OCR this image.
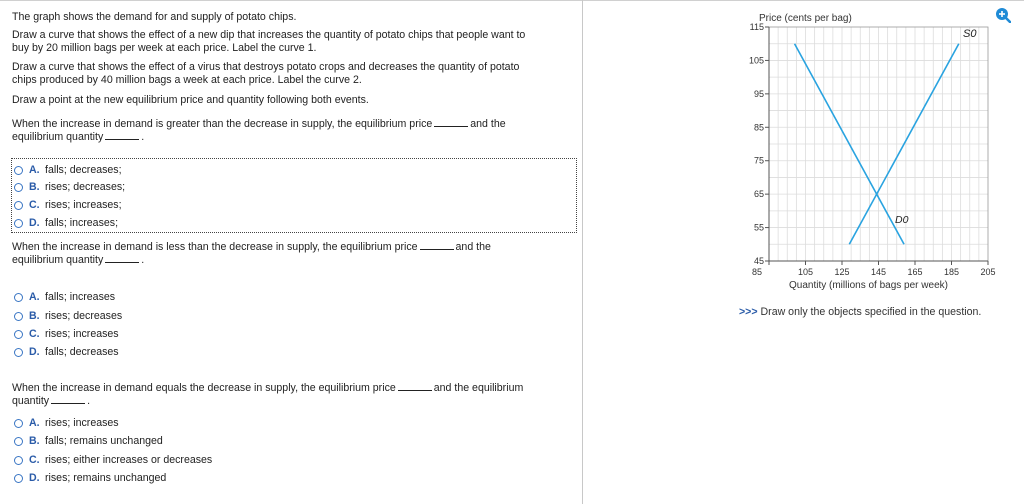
The graph shows the demand for and supply of potato chips.

Draw a curve that shows the effect of a new dip that increases the quantity of potato chips that people want to

buy by 20 million bags per week at each price. Label the curve 1.

Draw a curve that shows the effect of a virus that destroys potato crops and decreases the quantity of potato

chips produced by 40 million bags a week at each price. Label the curve 2.

Draw a point at the new equilibrium price and quantity following both events.

When the increase in demand is greater than the decrease in supply, the equilibrium price	and the

equilibrium quantity	.

A. falls; decreases;
B. rises; decreases;
C. rises; increases;
D. falls; increases;

When the increase in demand is less than the decrease in supply, the equilibrium price	and the

equilibrium quantity	.

A. falls; increases
B. rises; decreases
C. rises; increases
D. falls; decreases

When the increase in demand equals the decrease in supply, the equilibrium price	and the equilibrium

quantity	.

A. rises; increases
B. falls; remains unchanged
C. rises; either increases or decreases
D. rises; remains unchanged
115
105
95
85
75
65
55
45
85	105 125 145 165 185 205
Price (cents per bag)
Quantity (millions of bags per week)
S0
D0
>>> Draw only the objects specified in the question.
